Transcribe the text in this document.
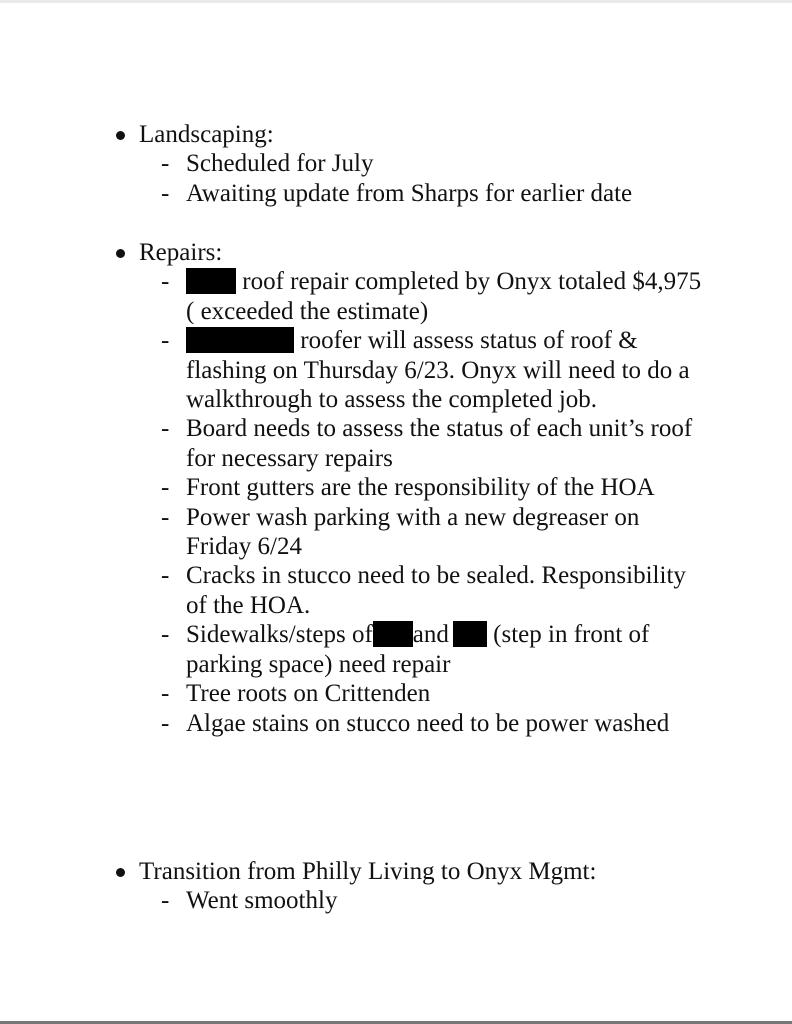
Landscaping:

- Scheduled for July
- Awaiting update from Sharps for earlier date

Repairs:

-	roof repair completed by Onyx totaled $4,975 ( exceeded the estimate)
-	roofer will assess status of roof & flashing on Thursday 6/23. Onyx will need to do a walkthrough to assess the completed job.
- Board needs to assess the status of each unit’s roof for necessary repairs
- Front gutters are the responsibility of the HOA
- Power wash parking with a new degreaser on Friday 6/24
- Cracks in stucco need to be sealed. Responsibility of the HOA.
- Sidewalks/steps of and (step in front of parking space) need repair
- Tree roots on Crittenden
- Algae stains on stucco need to be power washed

Transition from Philly Living to Onyx Mgmt:

- Went smoothly
